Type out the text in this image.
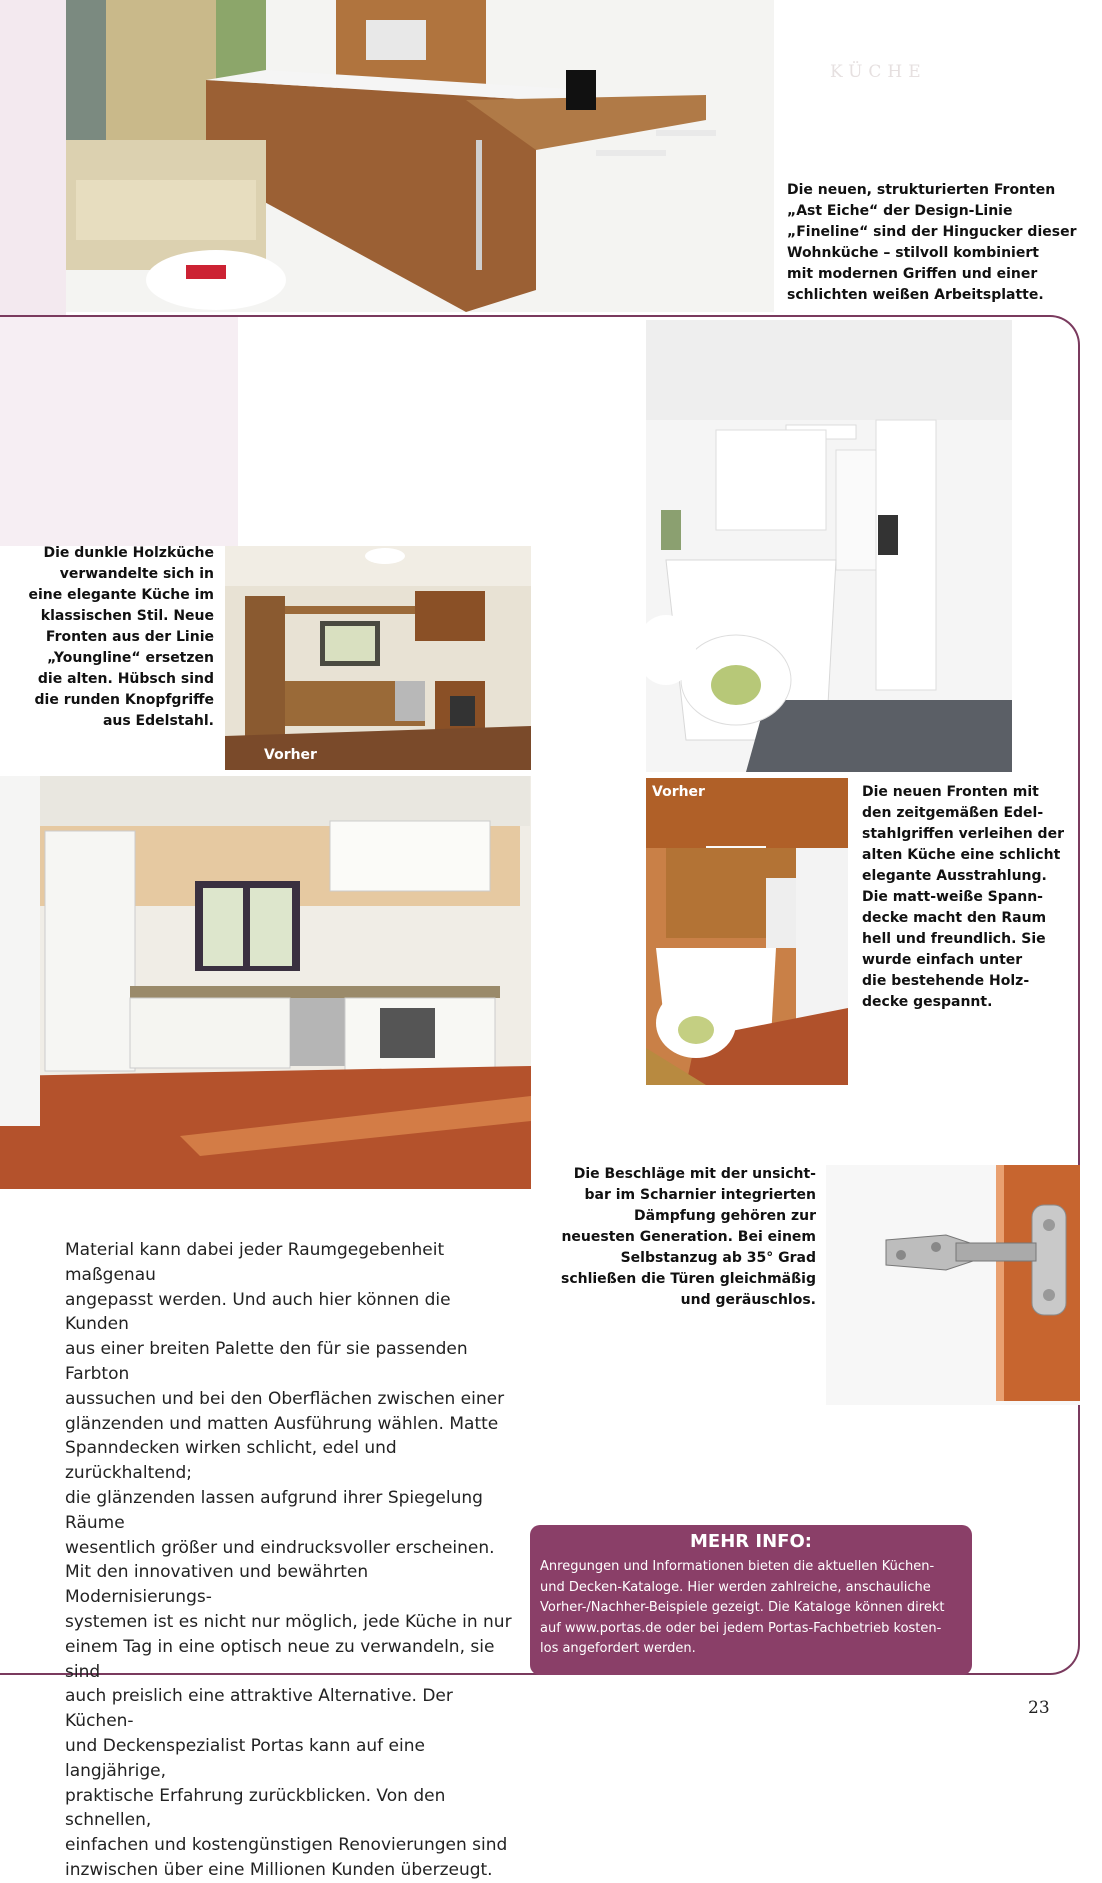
KÜCHE
Die neuen, strukturierten Fronten
„Ast Eiche“ der Design-Linie
„Fineline“ sind der Hingucker dieser
Wohnküche – stilvoll kombiniert
mit modernen Griffen und einer
schlichten weißen Arbeitsplatte.
Die dunkle Holzküche
verwandelte sich in
eine elegante Küche im
klassischen Stil. Neue
Fronten aus der Linie
„Youngline“ ersetzen
die alten. Hübsch sind
die runden Knopfgriffe
aus Edelstahl.
Vorher
Vorher	Die neuen Fronten mit
den zeitgemäßen Edel-
stahlgriffen verleihen der
alten Küche eine schlicht
elegante Ausstrahlung.
Die matt-weiße Spann-
decke macht den Raum
hell und freundlich. Sie
wurde einfach unter
die bestehende Holz-
decke gespannt.
Die Beschläge mit der unsicht-
bar im Scharnier integrierten
Dämpfung gehören zur
neuesten Generation. Bei einem
Selbstanzug ab 35° Grad
schließen die Türen gleichmäßig
und geräuschlos.
Material kann dabei jeder Raumgegebenheit maßgenau
angepasst werden. Und auch hier können die Kunden
aus einer breiten Palette den für sie passenden Farbton
aussuchen und bei den Oberflächen zwischen einer
glänzenden und matten Ausführung wählen. Matte
Spanndecken wirken schlicht, edel und zurückhaltend;
die glänzenden lassen aufgrund ihrer Spiegelung Räume
wesentlich größer und eindrucksvoller erscheinen.
Mit den innovativen und bewährten Modernisierungs-
systemen ist es nicht nur möglich, jede Küche in nur
einem Tag in eine optisch neue zu verwandeln, sie sind
auch preislich eine attraktive Alternative. Der Küchen-
und Deckenspezialist Portas kann auf eine langjährige,
praktische Erfahrung zurückblicken. Von den schnellen,
einfachen und kostengünstigen Renovierungen sind
inzwischen über eine Millionen Kunden überzeugt.
MEHR INFO:
Anregungen und Informationen bieten die aktuellen Küchen-
und Decken-Kataloge. Hier werden zahlreiche, anschauliche
Vorher-/Nachher-Beispiele gezeigt. Die Kataloge können direkt
auf www.portas.de oder bei jedem Portas-Fachbetrieb kosten-
los angefordert werden.
23
